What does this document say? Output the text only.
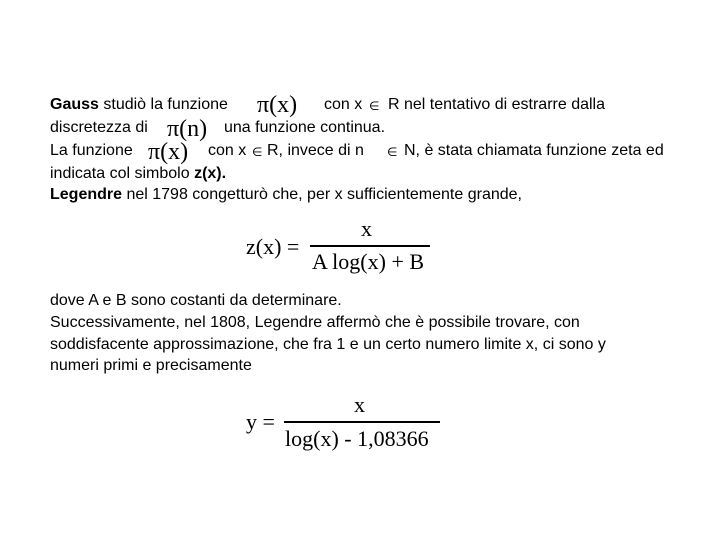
Gauss studiò la funzione π(x) con x ∈ R nel tentativo di estrarre dalla
discretezza di π(n) una funzione continua.
La funzione π(x) con x ∈ R, invece di n ∈ N, è stata chiamata funzione zeta ed
indicata col simbolo z(x).
Legendre nel 1798 congetturò che, per x sufficientemente grande,
z(x) =
x
A log(x) + B
dove A e B sono costanti da determinare.
Successivamente, nel 1808, Legendre affermò che è possibile trovare, con
soddisfacente approssimazione, che fra 1 e un certo numero limite x, ci sono y
numeri primi e precisamente
y =
x
log(x) - 1,08366
